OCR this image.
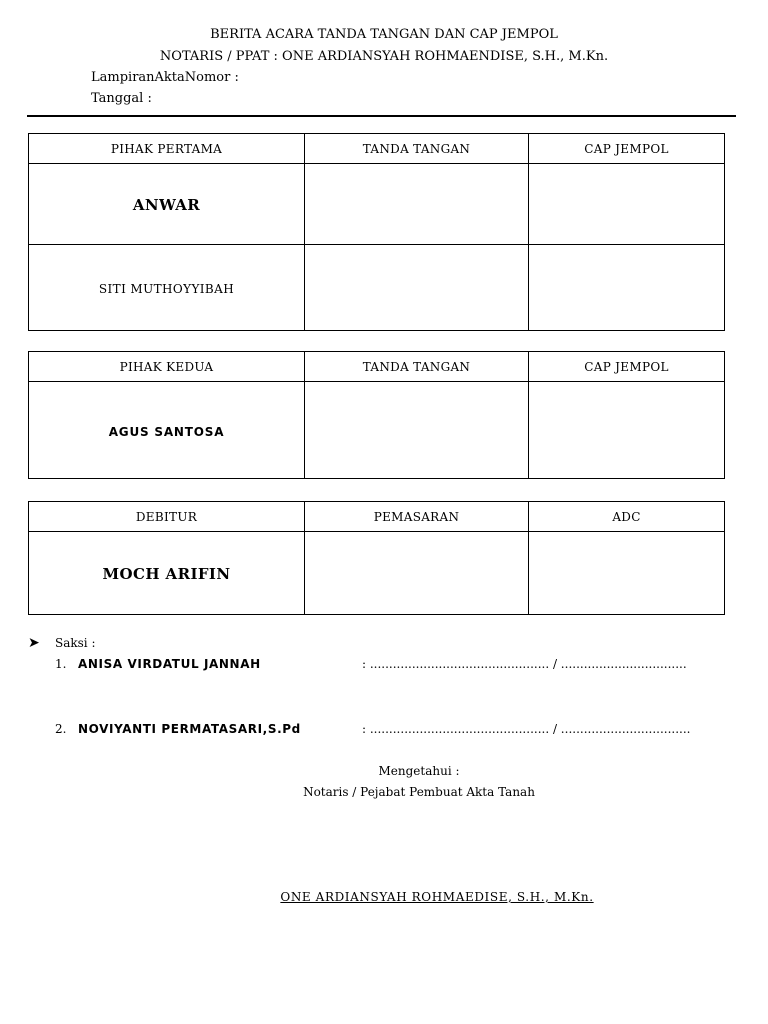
BERITA ACARA TANDA TANGAN DAN CAP JEMPOL
NOTARIS / PPAT : ONE ARDIANSYAH ROHMAENDISE, S.H., M.Kn.
LampiranAktaNomor :
Tanggal :
PIHAK PERTAMA	TANDA TANGAN	CAP JEMPOL
ANWAR		
SITI MUTHOYYIBAH		
PIHAK KEDUA	TANDA TANGAN	CAP JEMPOL
AGUS SANTOSA		
DEBITUR	PEMASARAN	ADC
MOCH ARIFIN		
➤ Saksi :
1. ANISA VIRDATUL JANNAH	: ............................................... / .................................
2. NOVIYANTI PERMATASARI,S.Pd	: ............................................... / ..................................
Mengetahui :
Notaris / Pejabat Pembuat Akta Tanah
ONE ARDIANSYAH ROHMAEDISE, S.H., M.Kn.
